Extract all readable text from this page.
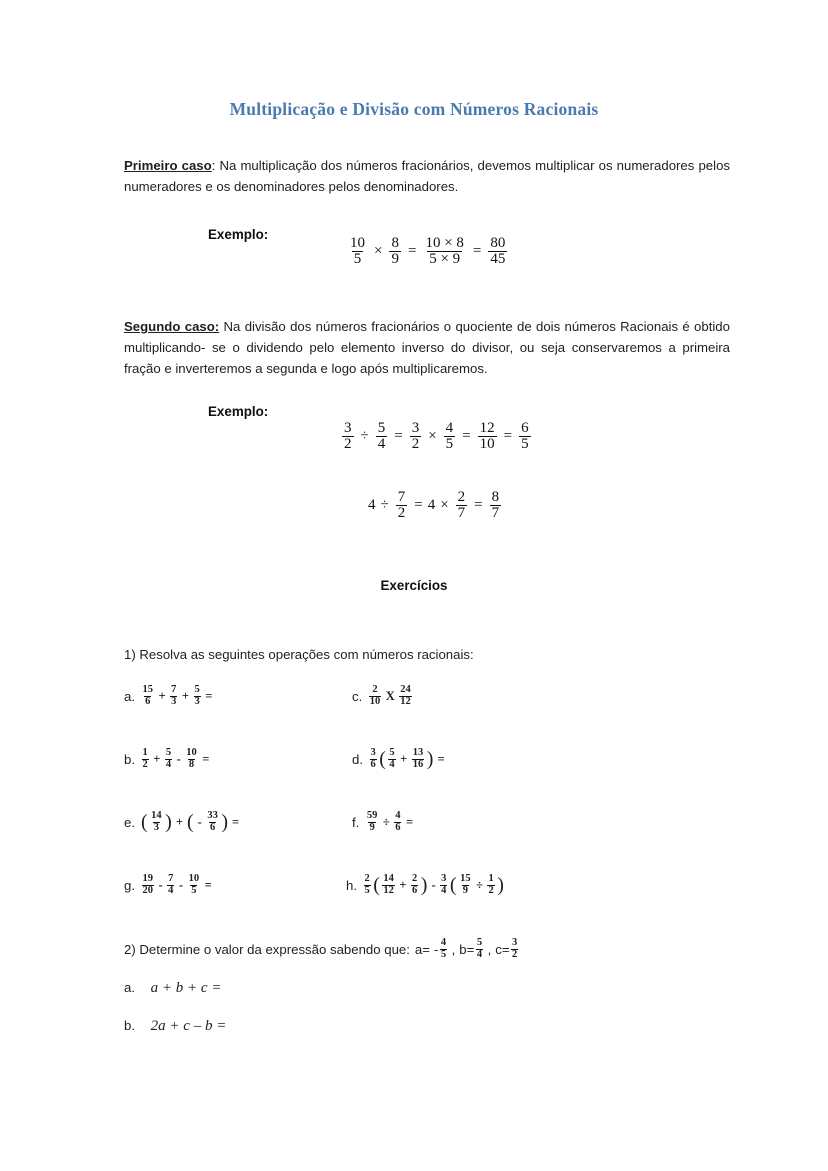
Multiplicação e Divisão com Números Racionais
Primeiro caso: Na multiplicação dos números fracionários, devemos multiplicar os numeradores pelos numeradores e os denominadores pelos denominadores.
Exemplo:
$\frac{10}{5} \times \frac{8}{9} = \frac{10 \times 8}{5 \times 9} = \frac{80}{45}$
Segundo caso: Na divisão dos números fracionários o quociente de dois números Racionais é obtido multiplicando- se o dividendo pelo elemento inverso do divisor, ou seja conservaremos a primeira fração e inverteremos a segunda e logo após multiplicaremos.
Exemplo:
$\frac{3}{2} \div \frac{5}{4} = \frac{3}{2} \times \frac{4}{5} = \frac{12}{10} = \frac{6}{5}$
$4 \div \frac{7}{2} = 4 \times \frac{2}{7} = \frac{8}{7}$
Exercícios
1) Resolva as seguintes operações com números racionais:
a. $\frac{15}{6} + \frac{7}{3} + \frac{5}{3}$ =
b. $\frac{1}{2} + \frac{5}{4} - \frac{10}{8}$ =
e. ( $\frac{14}{3}$ ) + ( - $\frac{33}{6}$ ) =
g. $\frac{19}{20} - \frac{7}{4} - \frac{10}{5}$ =
c. $\frac{2}{10}$ X $\frac{24}{12}$
d. $\frac{3}{6}$ ( $\frac{5}{4} + \frac{13}{16}$ ) =
f. $\frac{59}{9} \div \frac{4}{6}$ =
h. $\frac{2}{5}$ ( $\frac{14}{12} + \frac{2}{6}$ ) - $\frac{3}{4}$ ( $\frac{15}{9} \div \frac{1}{2}$ )
2) Determine o valor da expressão sabendo que: $a= - \frac{4}{5}$ , $b= \frac{5}{4}$ , $c= \frac{3}{2}$
a. a + b + c =
b. 2a + c – b =
